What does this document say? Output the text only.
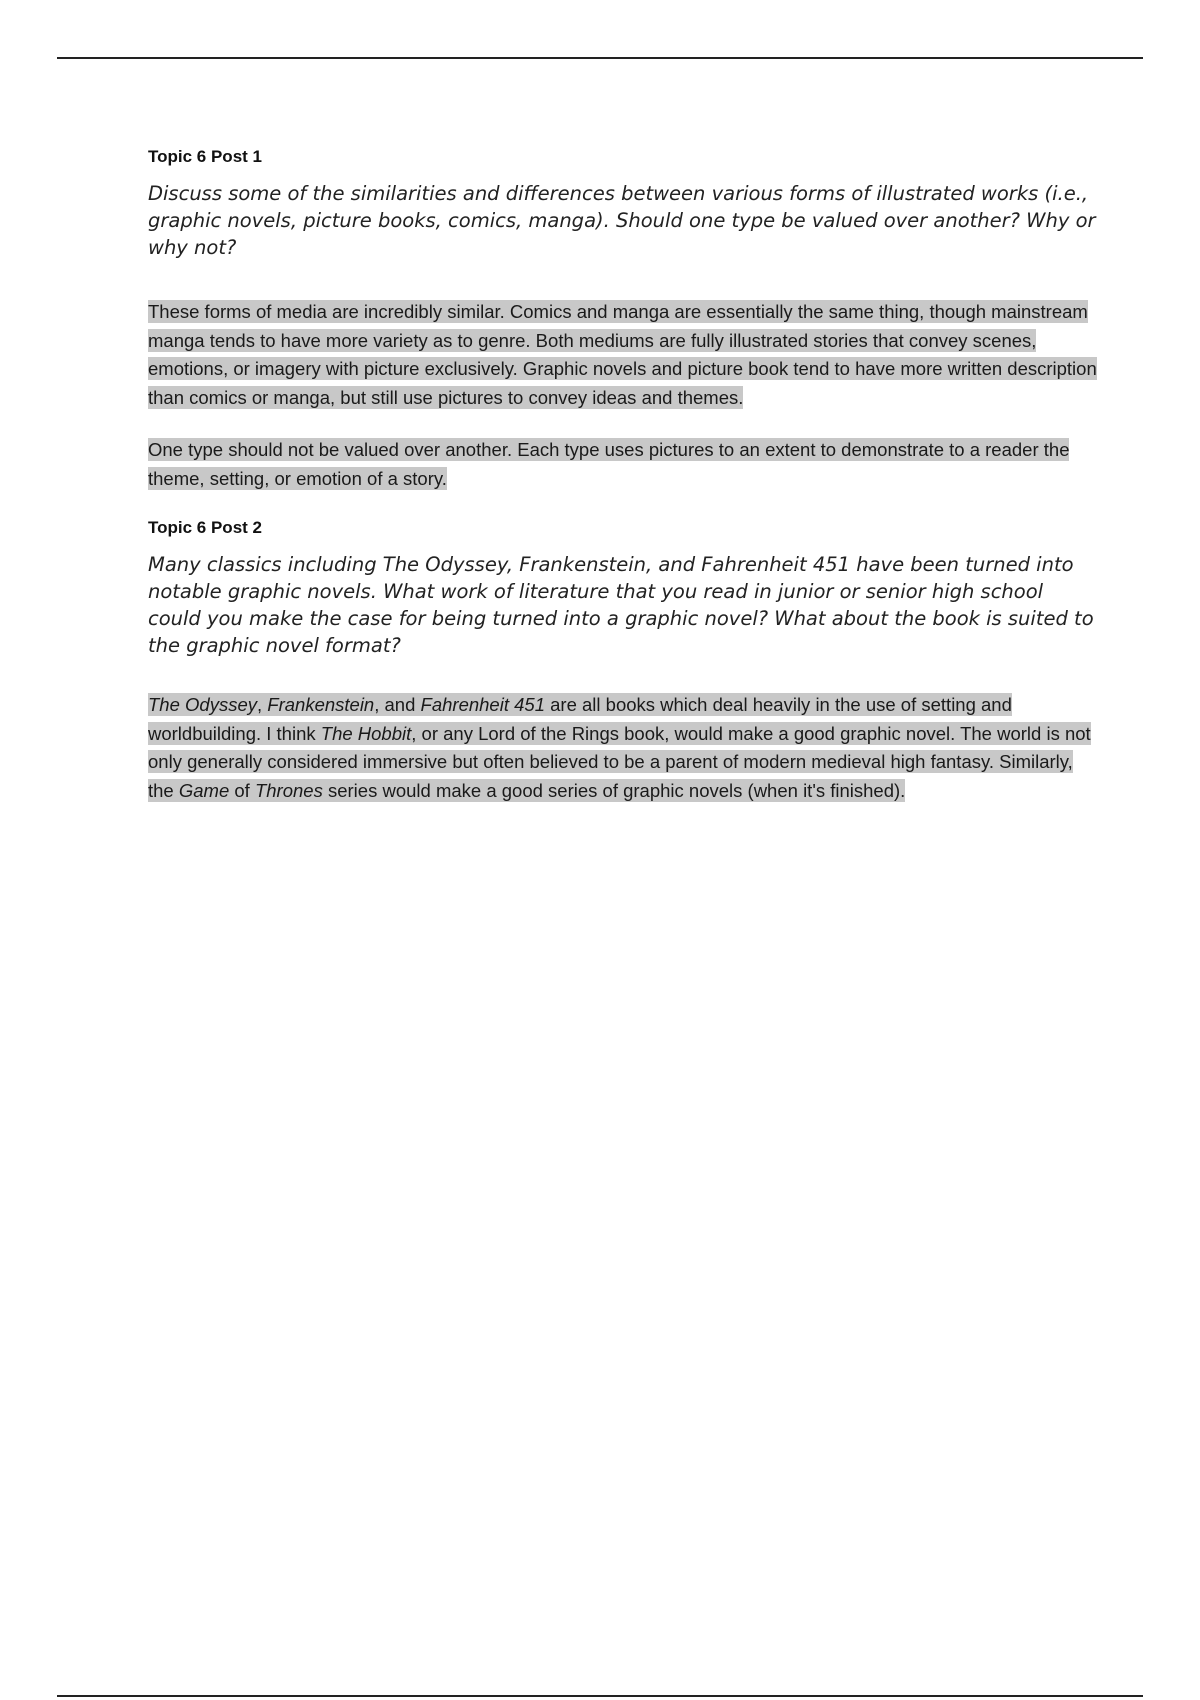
Topic 6 Post 1

Discuss some of the similarities and differences between various forms of illustrated works (i.e., graphic novels, picture books, comics, manga). Should one type be valued over another? Why or why not?

These forms of media are incredibly similar. Comics and manga are essentially the same thing, though mainstream manga tends to have more variety as to genre. Both mediums are fully illustrated stories that convey scenes, emotions, or imagery with picture exclusively. Graphic novels and picture book tend to have more written description than comics or manga, but still use pictures to convey ideas and themes.

One type should not be valued over another. Each type uses pictures to an extent to demonstrate to a reader the theme, setting, or emotion of a story.

Topic 6 Post 2

Many classics including The Odyssey, Frankenstein, and Fahrenheit 451 have been turned into notable graphic novels. What work of literature that you read in junior or senior high school could you make the case for being turned into a graphic novel? What about the book is suited to the graphic novel format?

The Odyssey, Frankenstein, and Fahrenheit 451 are all books which deal heavily in the use of setting and worldbuilding. I think The Hobbit, or any Lord of the Rings book, would make a good graphic novel. The world is not only generally considered immersive but often believed to be a parent of modern medieval high fantasy. Similarly, the Game of Thrones series would make a good series of graphic novels (when it's finished).
